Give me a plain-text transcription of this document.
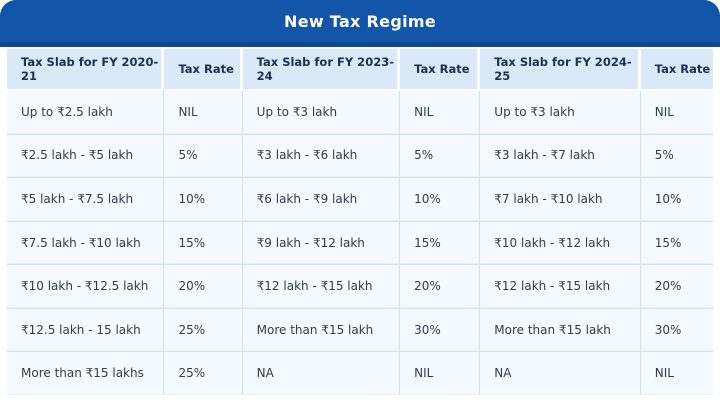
New Tax Regime
Tax Slab for FY 2020-21	Tax Rate	Tax Slab for FY 2023-24	Tax Rate	Tax Slab for FY 2024-25	Tax Rate
Up to ₹2.5 lakh	NIL	Up to ₹3 lakh	NIL	Up to ₹3 lakh	NIL
₹2.5 lakh - ₹5 lakh	5%	₹3 lakh - ₹6 lakh	5%	₹3 lakh - ₹7 lakh	5%
₹5 lakh - ₹7.5 lakh	10%	₹6 lakh - ₹9 lakh	10%	₹7 lakh - ₹10 lakh	10%
₹7.5 lakh - ₹10 lakh	15%	₹9 lakh - ₹12 lakh	15%	₹10 lakh - ₹12 lakh	15%
₹10 lakh - ₹12.5 lakh	20%	₹12 lakh - ₹15 lakh	20%	₹12 lakh - ₹15 lakh	20%
₹12.5 lakh - 15 lakh	25%	More than ₹15 lakh	30%	More than ₹15 lakh	30%
More than ₹15 lakhs	25%	NA	NIL	NA	NIL
